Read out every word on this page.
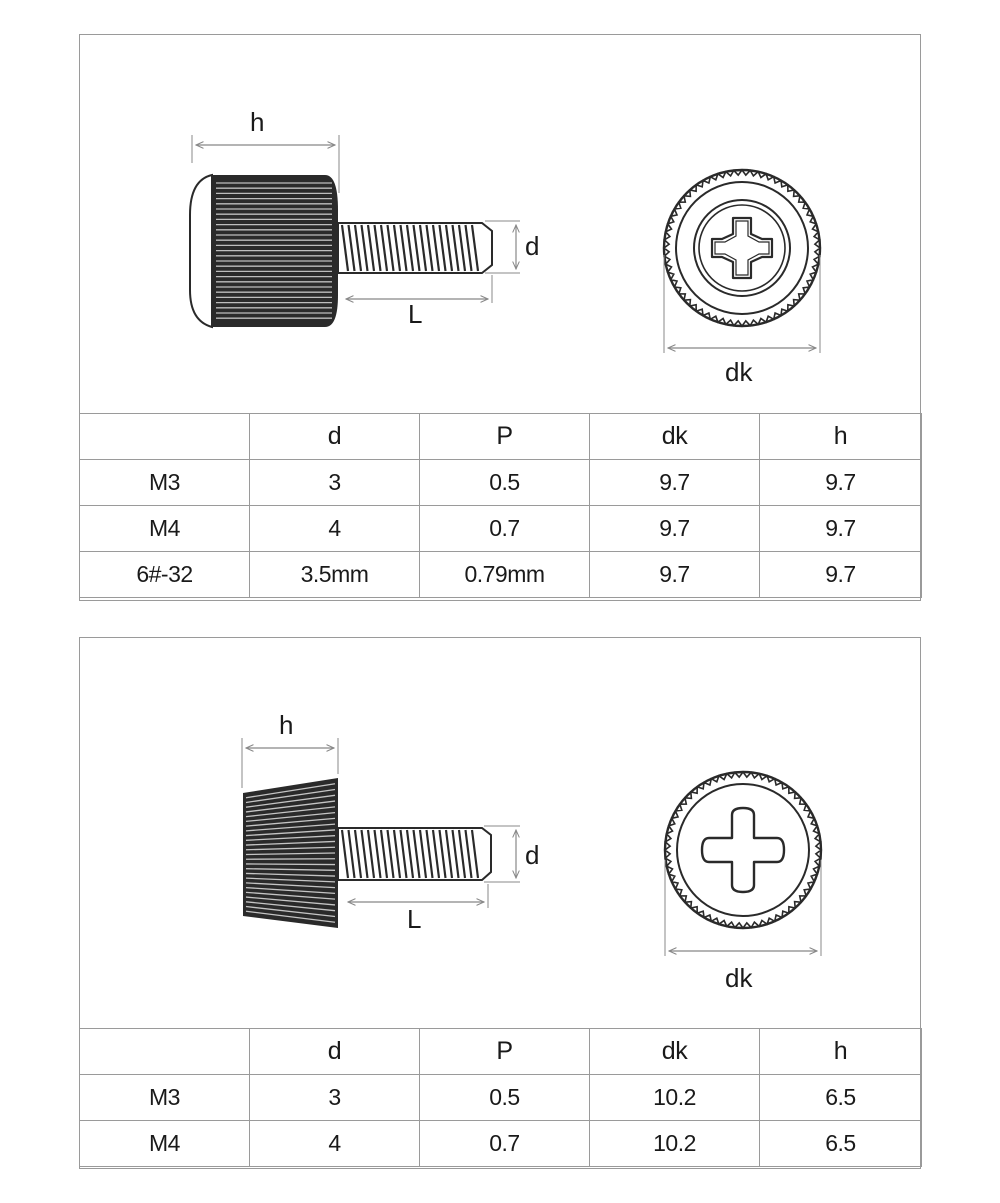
h
d
L
dk
	d	P	dk	h
M3	3	0.5	9.7	9.7
M4	4	0.7	9.7	9.7
6#-32	3.5mm	0.79mm	9.7	9.7
h
d
L
dk
	d	P	dk	h
M3	3	0.5	10.2	6.5
M4	4	0.7	10.2	6.5
